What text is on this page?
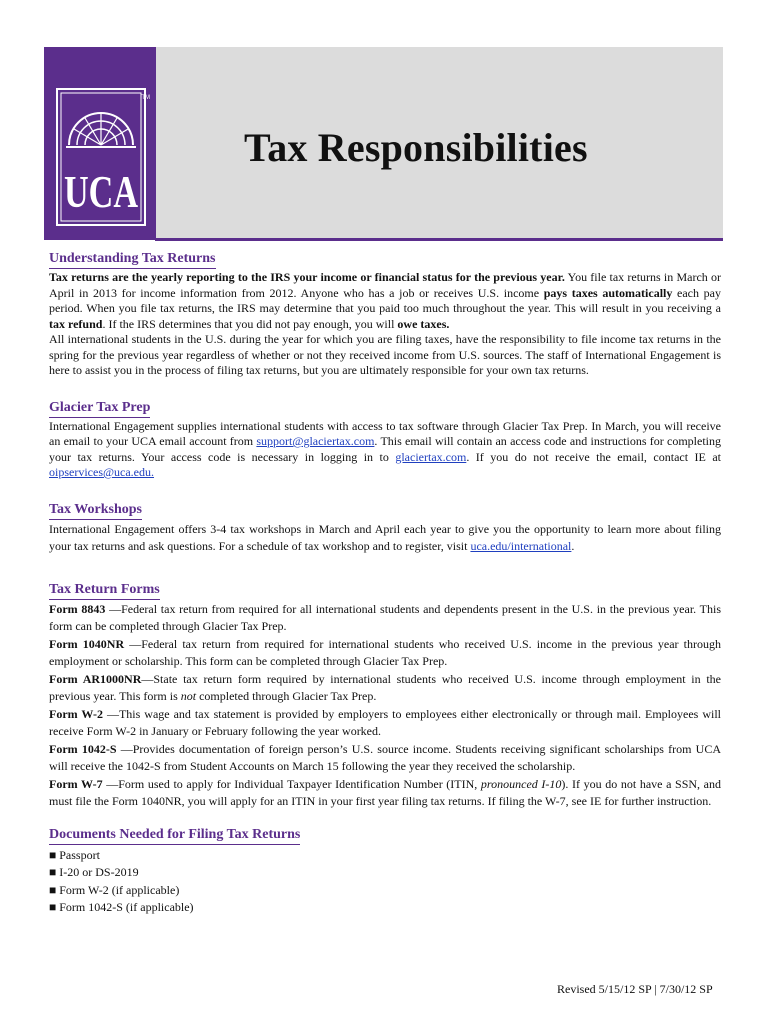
TM
UCA
Tax Responsibilities
Understanding Tax Returns

Tax returns are the yearly reporting to the IRS your income or financial status for the previous year. You file tax returns in March or April in 2013 for income information from 2012. Anyone who has a job or receives U.S. income pays taxes automatically each pay period. When you file tax returns, the IRS may determine that you paid too much throughout the year. This will result in you receiving a tax refund. If the IRS determines that you did not pay enough, you will owe taxes.

All international students in the U.S. during the year for which you are filing taxes, have the responsibility to file income tax returns in the spring for the previous year regardless of whether or not they received income from U.S. sources. The staff of International Engagement is here to assist you in the process of filing tax returns, but you are ultimately responsible for your own tax returns.

Glacier Tax Prep

International Engagement supplies international students with access to tax software through Glacier Tax Prep. In March, you will receive an email to your UCA email account from support@glaciertax.com. This email will contain an access code and instructions for completing your tax returns. Your access code is necessary in logging in to glaciertax.com. If you do not receive the email, contact IE at oipservices@uca.edu.

Tax Workshops

International Engagement offers 3-4 tax workshops in March and April each year to give you the opportunity to learn more about filing your tax returns and ask questions. For a schedule of tax workshop and to register, visit uca.edu/international.

Tax Return Forms

Form 8843 —Federal tax return from required for all international students and dependents present in the U.S. in the previous year. This form can be completed through Glacier Tax Prep.

Form 1040NR —Federal tax return from required for international students who received U.S. income in the previous year through employment or scholarship. This form can be completed through Glacier Tax Prep.

Form AR1000NR—State tax return form required by international students who received U.S. income through employment in the previous year. This form is not completed through Glacier Tax Prep.

Form W-2 —This wage and tax statement is provided by employers to employees either electronically or through mail. Employees will receive Form W-2 in January or February following the year worked.

Form 1042-S —Provides documentation of foreign person’s U.S. source income. Students receiving significant scholarships from UCA will receive the 1042-S from Student Accounts on March 15 following the year they received the scholarship.

Form W-7 —Form used to apply for Individual Taxpayer Identification Number (ITIN, pronounced I-10). If you do not have a SSN, and must file the Form 1040NR, you will apply for an ITIN in your first year filing tax returns. If filing the W-7, see IE for further instruction.

Documents Needed for Filing Tax Returns
■ Passport
■ I-20 or DS-2019
■ Form W-2 (if applicable)
■ Form 1042-S (if applicable)
Revised 5/15/12 SP | 7/30/12 SP
